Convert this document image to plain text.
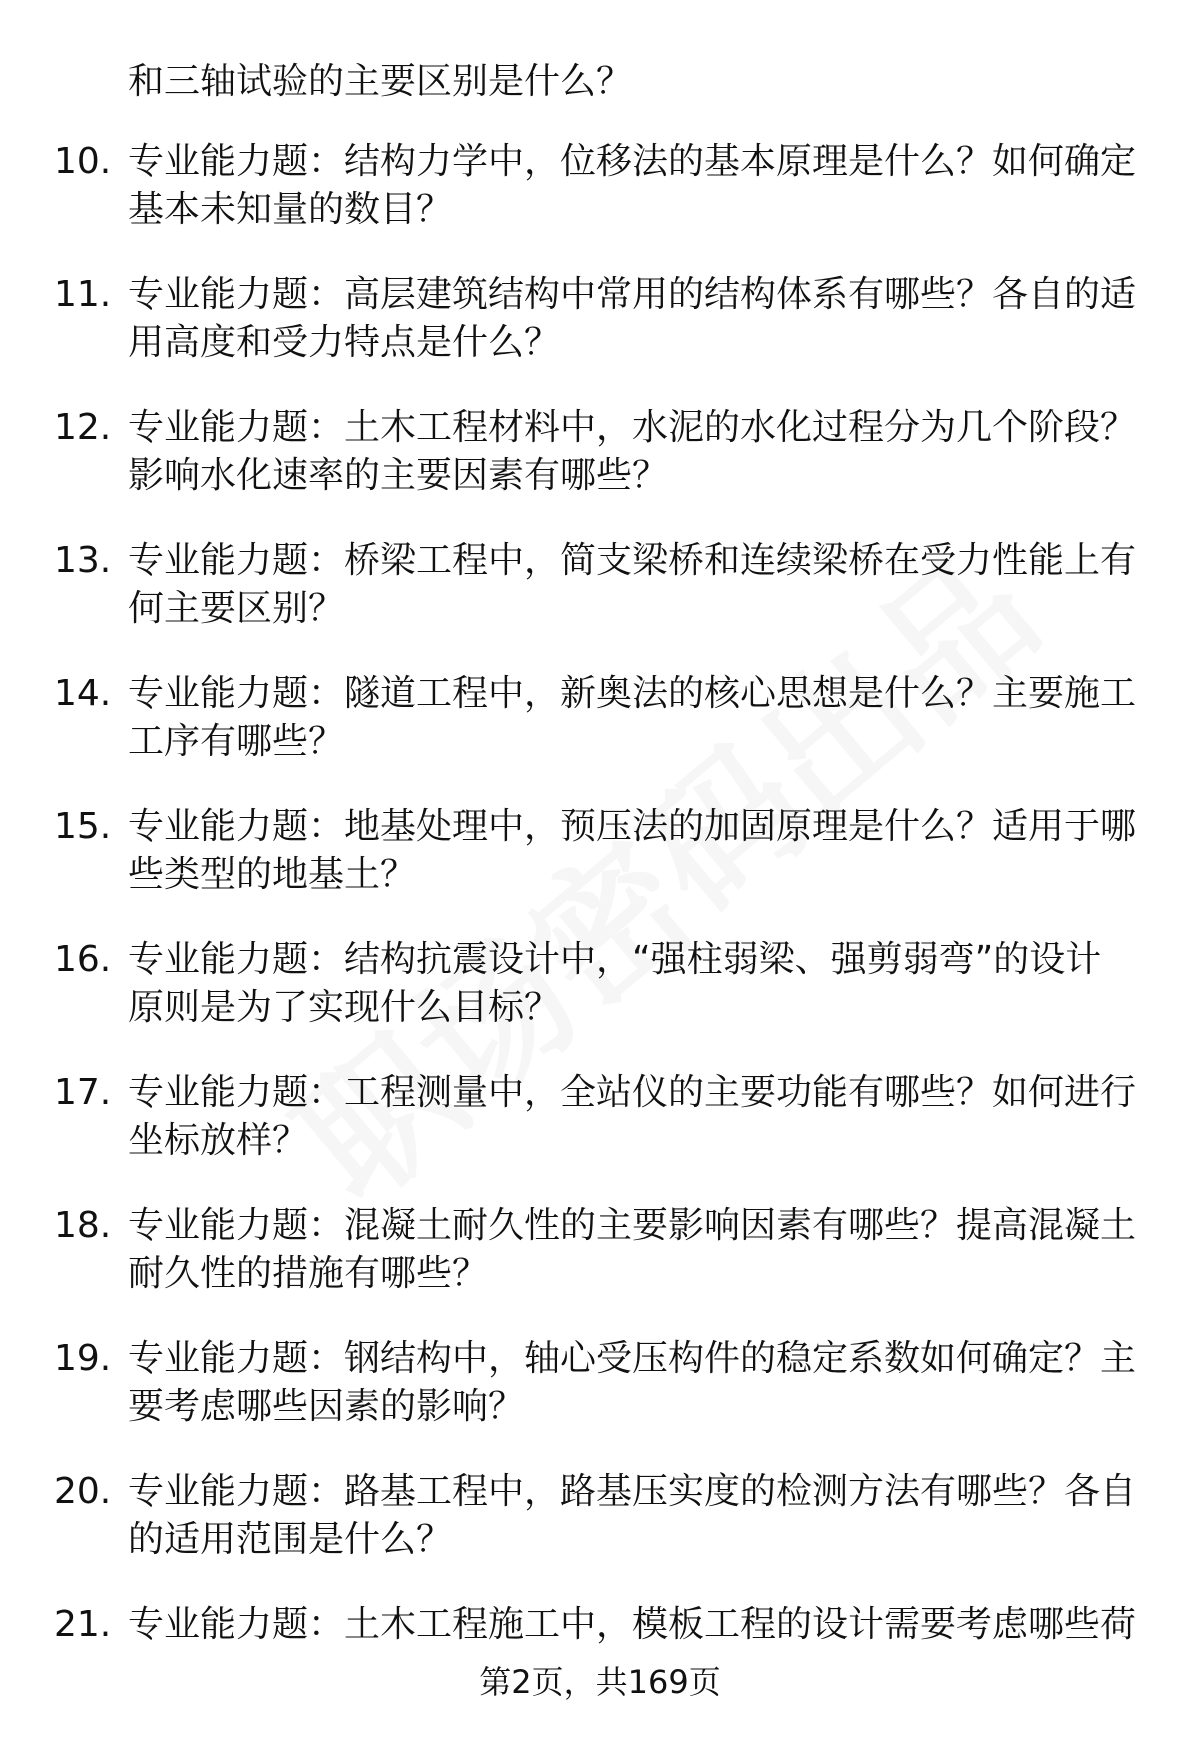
和三轴试验的主要区别是什么？
10. 专业能力题：结构力学中，位移法的基本原理是什么？如何确定
基本未知量的数目？
11. 专业能力题：高层建筑结构中常用的结构体系有哪些？各自的适
用高度和受力特点是什么？
12. 专业能力题：土木工程材料中，水泥的水化过程分为几个阶段？
影响水化速率的主要因素有哪些？
13. 专业能力题：桥梁工程中，简支梁桥和连续梁桥在受力性能上有
何主要区别？
14. 专业能力题：隧道工程中，新奥法的核心思想是什么？主要施工
工序有哪些？
15. 专业能力题：地基处理中，预压法的加固原理是什么？适用于哪
些类型的地基土？
16. 专业能力题：结构抗震设计中，“强柱弱梁、强剪弱弯”的设计
原则是为了实现什么目标？
17. 专业能力题：工程测量中，全站仪的主要功能有哪些？如何进行
坐标放样？
18. 专业能力题：混凝土耐久性的主要影响因素有哪些？提高混凝土
耐久性的措施有哪些？
19. 专业能力题：钢结构中，轴心受压构件的稳定系数如何确定？主
要考虑哪些因素的影响？
20. 专业能力题：路基工程中，路基压实度的检测方法有哪些？各自
的适用范围是什么？
21. 专业能力题：土木工程施工中，模板工程的设计需要考虑哪些荷
第2页，共169页
